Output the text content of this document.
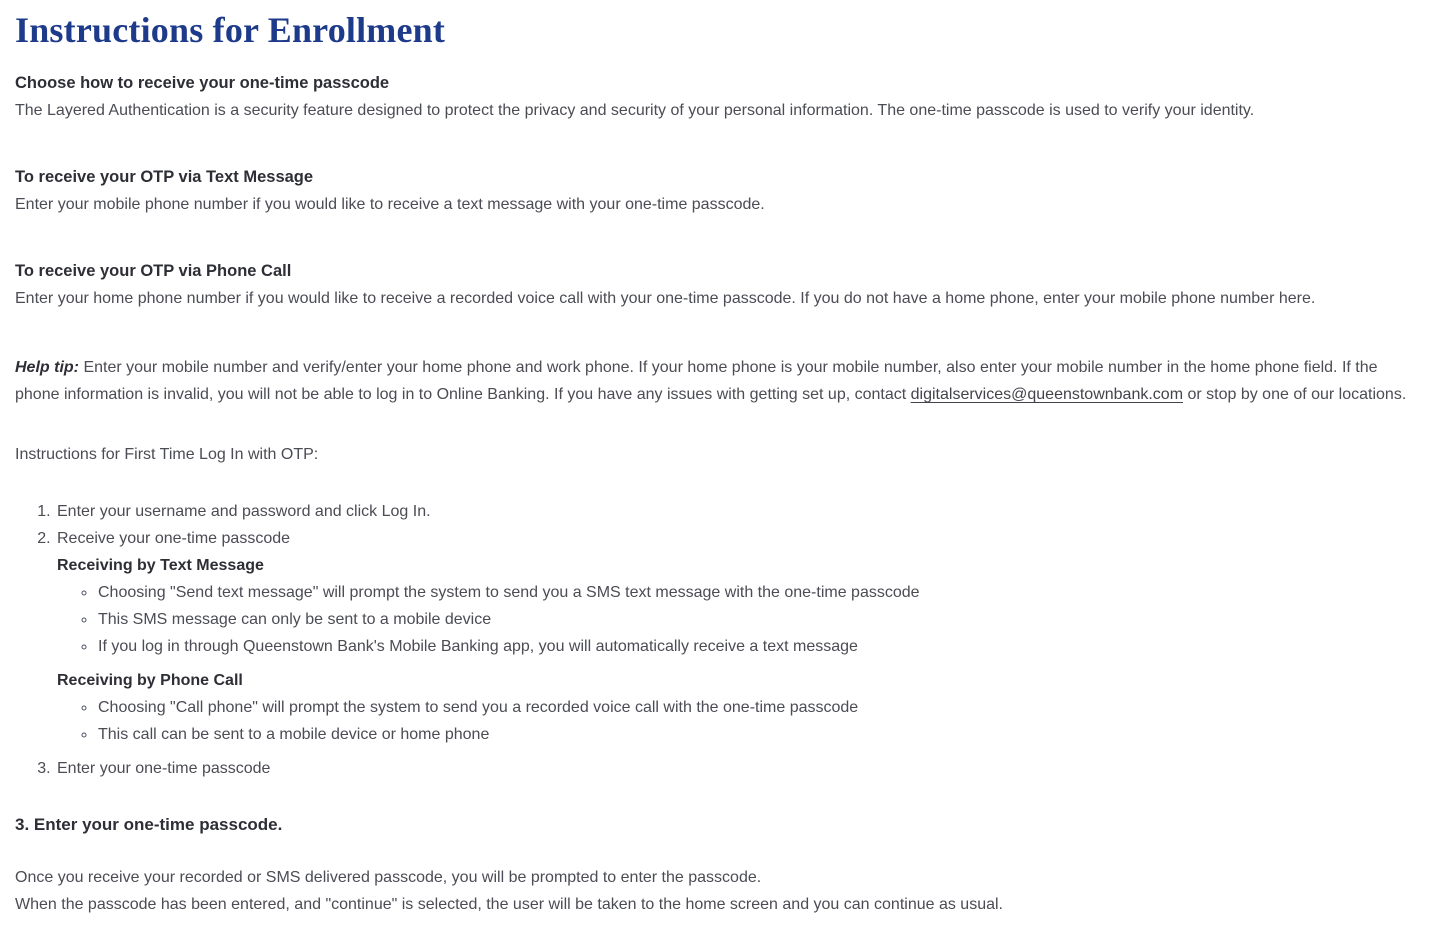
Instructions for Enrollment
Choose how to receive your one-time passcode
The Layered Authentication is a security feature designed to protect the privacy and security of your personal information. The one-time passcode is used to verify your identity.
To receive your OTP via Text Message
Enter your mobile phone number if you would like to receive a text message with your one-time passcode.
To receive your OTP via Phone Call
Enter your home phone number if you would like to receive a recorded voice call with your one-time passcode. If you do not have a home phone, enter your mobile phone number here.
Help tip: Enter your mobile number and verify/enter your home phone and work phone. If your home phone is your mobile number, also enter your mobile number in the home phone field. If the phone information is invalid, you will not be able to log in to Online Banking. If you have any issues with getting set up, contact digitalservices@queenstownbank.com or stop by one of our locations.
Instructions for First Time Log In with OTP:
1. Enter your username and password and click Log In.
2. Receive your one-time passcode
Receiving by Text Message
◦ Choosing "Send text message" will prompt the system to send you a SMS text message with the one-time passcode
◦ This SMS message can only be sent to a mobile device
◦ If you log in through Queenstown Bank's Mobile Banking app, you will automatically receive a text message
Receiving by Phone Call
◦ Choosing "Call phone" will prompt the system to send you a recorded voice call with the one-time passcode
◦ This call can be sent to a mobile device or home phone
3. Enter your one-time passcode
3. Enter your one-time passcode.
Once you receive your recorded or SMS delivered passcode, you will be prompted to enter the passcode.
When the passcode has been entered, and "continue" is selected, the user will be taken to the home screen and you can continue as usual.
